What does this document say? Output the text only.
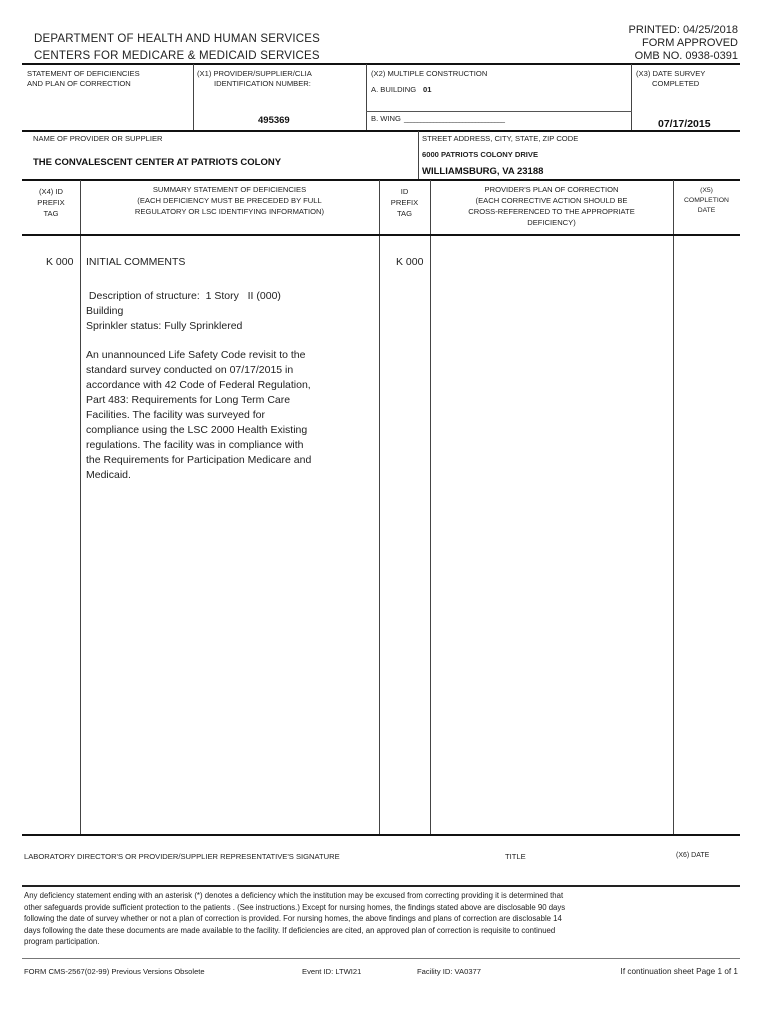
DEPARTMENT OF HEALTH AND HUMAN SERVICES
CENTERS FOR MEDICARE & MEDICAID SERVICES
PRINTED: 04/25/2018
FORM APPROVED
OMB NO. 0938-0391
STATEMENT OF DEFICIENCIES
AND PLAN OF CORRECTION
(X1) PROVIDER/SUPPLIER/CLIA
IDENTIFICATION NUMBER:
495369
(X2) MULTIPLE CONSTRUCTION
A. BUILDING 01
B. WING _______________________________
(X3) DATE SURVEY
COMPLETED
07/17/2015
NAME OF PROVIDER OR SUPPLIER
THE CONVALESCENT CENTER AT PATRIOTS COLONY
STREET ADDRESS, CITY, STATE, ZIP CODE
6000 PATRIOTS COLONY DRIVE
WILLIAMSBURG, VA 23188
(X4) ID
PREFIX
TAG
SUMMARY STATEMENT OF DEFICIENCIES
(EACH DEFICIENCY MUST BE PRECEDED BY FULL
REGULATORY OR LSC IDENTIFYING INFORMATION)
ID
PREFIX
TAG
PROVIDER'S PLAN OF CORRECTION
(EACH CORRECTIVE ACTION SHOULD BE
CROSS-REFERENCED TO THE APPROPRIATE
DEFICIENCY)
(X5)
COMPLETION
DATE
K 000 INITIAL COMMENTS	K 000
Description of structure:  1 Story   II (000)
Building
Sprinkler status: Fully Sprinklered
An unannounced Life Safety Code revisit to the
standard survey conducted on 07/17/2015 in
accordance with 42 Code of Federal Regulation,
Part 483: Requirements for Long Term Care
Facilities. The facility was surveyed for
compliance using the LSC 2000 Health Existing
regulations. The facility was in compliance with
the Requirements for Participation Medicare and
Medicaid.
LABORATORY DIRECTOR'S OR PROVIDER/SUPPLIER REPRESENTATIVE'S SIGNATURE	TITLE	(X6) DATE
Any deficiency statement ending with an asterisk (*) denotes a deficiency which the institution may be excused from correcting providing it is determined that
other safeguards provide sufficient protection to the patients . (See instructions.) Except for nursing homes, the findings stated above are disclosable 90 days
following the date of survey whether or not a plan of correction is provided. For nursing homes, the above findings and plans of correction are disclosable 14
days following the date these documents are made available to the facility. If deficiencies are cited, an approved plan of correction is requisite to continued
program participation.
FORM CMS-2567(02-99) Previous Versions Obsolete	Event ID: LTWI21	Facility ID: VA0377	If continuation sheet Page 1 of 1
